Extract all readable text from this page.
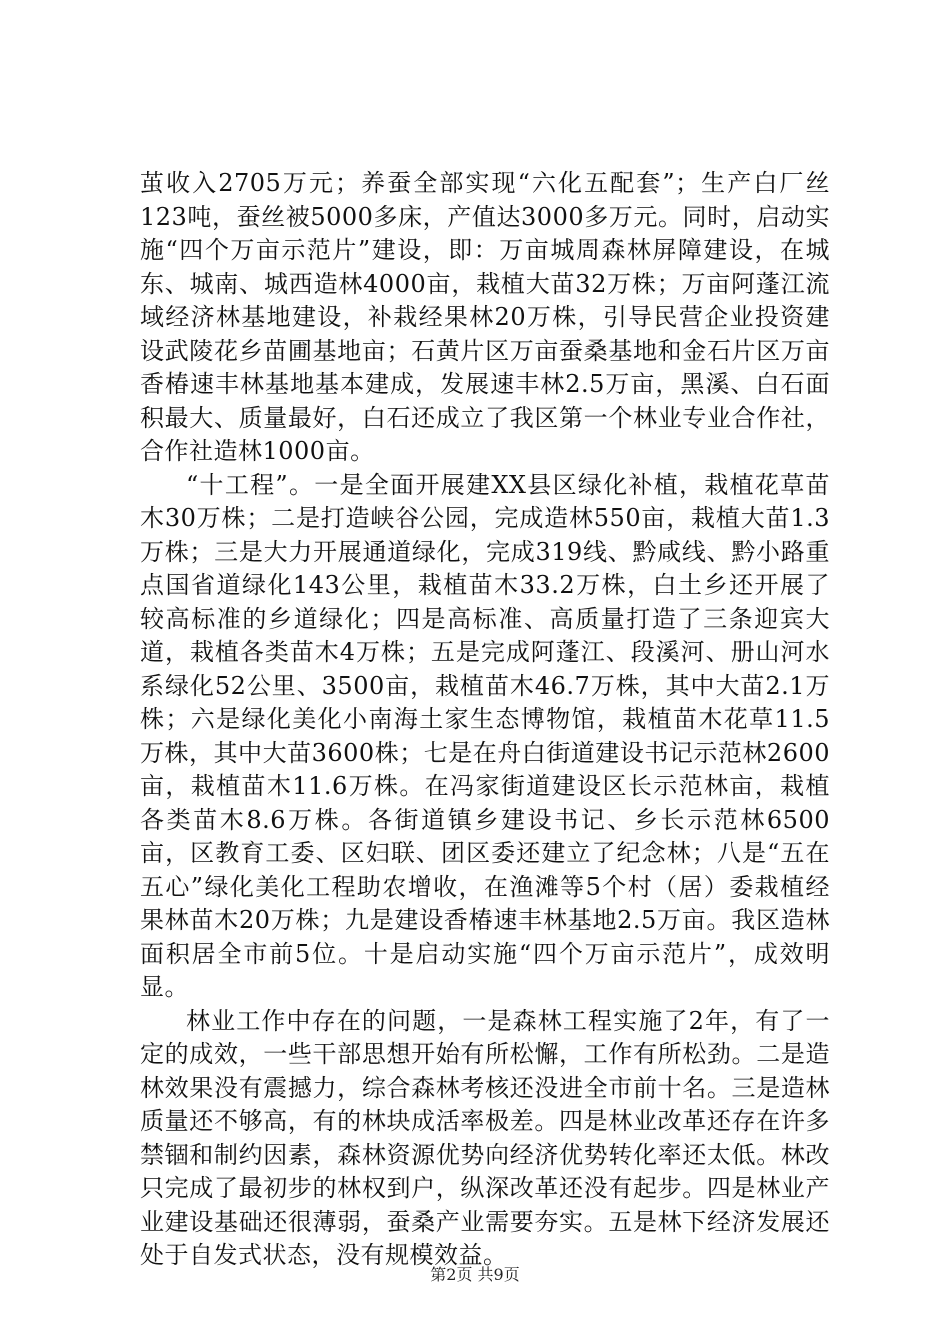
茧收入2705万元；养蚕全部实现“六化五配套”；生产白厂丝123吨，蚕丝被5000多床，产值达3000多万元。同时，启动实施“四个万亩示范片”建设，即：万亩城周森林屏障建设，在城东、城南、城西造林4000亩，栽植大苗32万株；万亩阿蓬江流域经济林基地建设，补栽经果林20万株，引导民营企业投资建设武陵花乡苗圃基地亩；石黄片区万亩蚕桑基地和金石片区万亩香椿速丰林基地基本建成，发展速丰林2.5万亩，黑溪、白石面积最大、质量最好，白石还成立了我区第一个林业专业合作社，合作社造林1000亩。

“十工程”。一是全面开展建XX县区绿化补植，栽植花草苗木30万株；二是打造峡谷公园，完成造林550亩，栽植大苗1.3万株；三是大力开展通道绿化，完成319线、黔咸线、黔小路重点国省道绿化143公里，栽植苗木33.2万株，白土乡还开展了较高标准的乡道绿化；四是高标准、高质量打造了三条迎宾大道，栽植各类苗木4万株；五是完成阿蓬江、段溪河、册山河水系绿化52公里、3500亩，栽植苗木46.7万株，其中大苗2.1万株；六是绿化美化小南海土家生态博物馆，栽植苗木花草11.5万株，其中大苗3600株；七是在舟白街道建设书记示范林2600亩，栽植苗木11.6万株。在冯家街道建设区长示范林亩，栽植各类苗木8.6万株。各街道镇乡建设书记、乡长示范林6500亩，区教育工委、区妇联、团区委还建立了纪念林；八是“五在五心”绿化美化工程助农增收，在渔滩等5个村（居）委栽植经果林苗木20万株；九是建设香椿速丰林基地2.5万亩。我区造林面积居全市前5位。十是启动实施“四个万亩示范片”，成效明显。

林业工作中存在的问题，一是森林工程实施了2年，有了一定的成效，一些干部思想开始有所松懈，工作有所松劲。二是造林效果没有震撼力，综合森林考核还没进全市前十名。三是造林质量还不够高，有的林块成活率极差。四是林业改革还存在许多禁锢和制约因素，森林资源优势向经济优势转化率还太低。林改只完成了最初步的林权到户，纵深改革还没有起步。四是林业产业建设基础还很薄弱，蚕桑产业需要夯实。五是林下经济发展还处于自发式状态，没有规模效益。

第2页 共9页
